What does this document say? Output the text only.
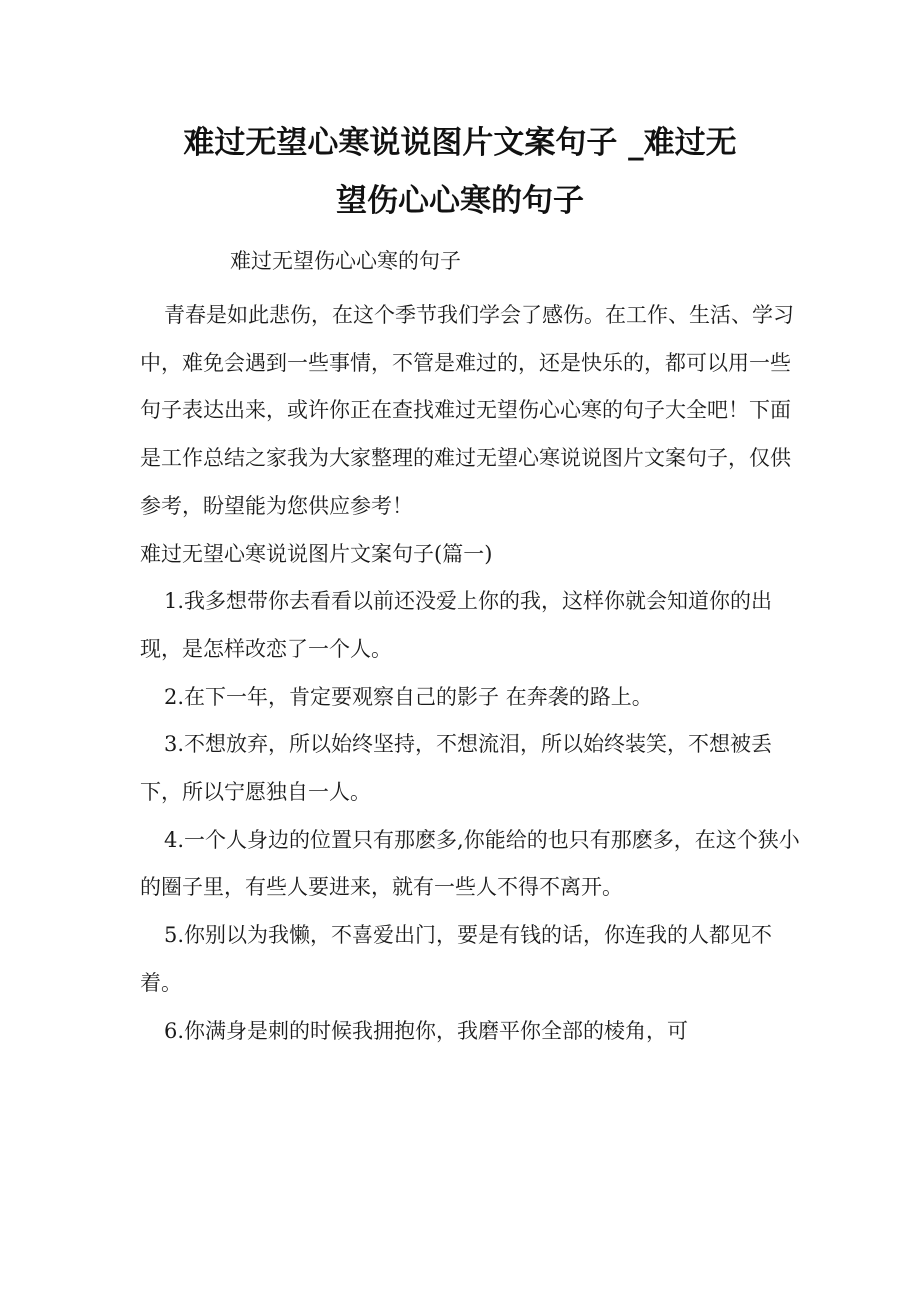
难过无望心寒说说图片文案句子 _难过无
望伤心心寒的句子

难过无望伤心心寒的句子

青春是如此悲伤，在这个季节我们学会了感伤。在工作、生活、学习中，难免会遇到一些事情，不管是难过的，还是快乐的，都可以用一些句子表达出来，或许你正在查找难过无望伤心心寒的句子大全吧！下面是工作总结之家我为大家整理的难过无望心寒说说图片文案句子，仅供参考，盼望能为您供应参考！

难过无望心寒说说图片文案句子(篇一)

1.我多想带你去看看以前还没爱上你的我，这样你就会知道你的出现，是怎样改恋了一个人。

2.在下一年，肯定要观察自己的影子 在奔袭的路上。

3.不想放弃，所以始终坚持，不想流泪，所以始终装笑，不想被丢下，所以宁愿独自一人。

4.一个人身边的位置只有那麽多,你能给的也只有那麽多，在这个狭小的圈子里，有些人要进来，就有一些人不得不离开。

5.你别以为我懒，不喜爱出门，要是有钱的话，你连我的人都见不着。

6.你满身是刺的时候我拥抱你，我磨平你全部的棱角，可
